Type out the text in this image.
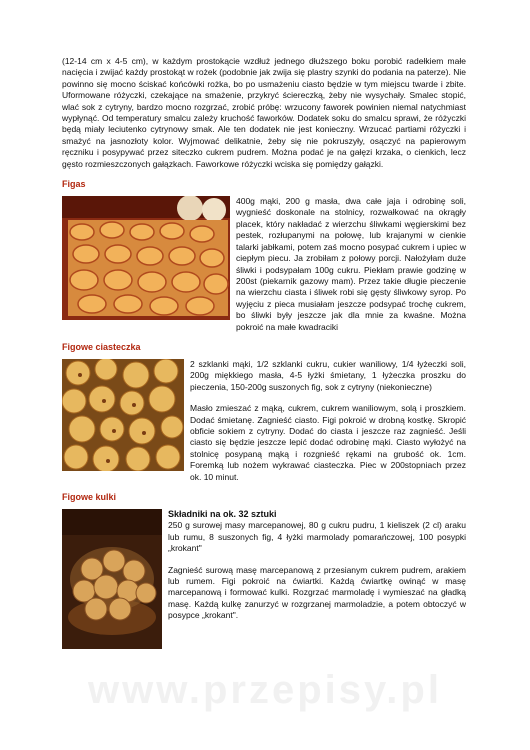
(12-14 cm x 4-5 cm), w każdym prostokącie wzdłuż jednego dłuższego boku porobić radełkiem małe nacięcia i zwijać każdy prostokąt w rożek (podobnie jak zwija się plastry szynki do podania na paterze). Nie powinno się mocno ściskać końcówki rożka, bo po usmażeniu ciasto będzie w tym miejscu twarde i zbite. Uformowane różyczki, czekające na smażenie, przykryć ściereczką, żeby nie wysychały. Smalec stopić, wlać sok z cytryny, bardzo mocno rozgrzać, zrobić próbę: wrzucony faworek powinien niemal natychmiast wypłynąć. Od temperatury smalcu zależy kruchość faworków. Dodatek soku do smalcu sprawi, że różyczki będą miały leciutenko cytrynowy smak. Ale ten dodatek nie jest konieczny. Wrzucać partiami różyczki i smażyć na jasnozłoty kolor. Wyjmować delikatnie, żeby się nie pokruszyły, osączyć na papierowym ręczniku i posypywać przez siteczko cukrem pudrem. Można podać je na gałęzi krzaka, o cienkich, lecz gęsto rozmieszczonych gałązkach. Faworkowe różyczki wciska się pomiędzy gałązki.

Figas

400g mąki, 200 g masła, dwa całe jaja i odrobinę soli, wygnieść doskonale na stolnicy, rozwałkować na okrągły placek, który nakładać z wierzchu śliwkami węgierskimi bez pestek, rozłupanymi na połowę, lub krajanymi w cienkie talarki jabłkami, potem zaś mocno posypać cukrem i upiec w ciepłym piecu. Ja zrobiłam z połowy porcji. Nałożyłam duże śliwki i podsypałam 100g cukru. Piekłam prawie godzinę w 200st (piekarnik gazowy mam). Przez takie długie pieczenie na wierzchu ciasta i śliwek robi się gęsty śliwkowy syrop. Po wyjęciu z pieca musiałam jeszcze podsypać trochę cukrem, bo śliwki były jeszcze jak dla mnie za kwaśne. Można pokroić na małe kwadraciki

Figowe ciasteczka

2 szklanki mąki, 1/2 szklanki cukru, cukier waniliowy, 1/4 łyżeczki soli, 200g miękkiego masła, 4-5 łyżki śmietany, 1 łyżeczka proszku do pieczenia, 150-200g suszonych fig, sok z cytryny (niekonieczne)

Masło zmieszać z mąką, cukrem, cukrem waniliowym, solą i proszkiem. Dodać śmietanę. Zagnieść ciasto. Figi pokroić w drobną kostkę. Skropić obficie sokiem z cytryny. Dodać do ciasta i jeszcze raz zagnieść. Jeśli ciasto się będzie jeszcze lepić dodać odrobinę mąki. Ciasto wyłożyć na stolnicę posypaną mąką i rozgnieść rękami na grubość ok. 1cm. Foremką lub nożem wykrawać ciasteczka. Piec w 200stopniach przez ok. 10 minut.

Figowe kulki

Składniki na ok. 32 sztuki

250 g surowej masy marcepanowej, 80 g cukru pudru, 1 kieliszek (2 cl) araku lub rumu, 8 suszonych fig, 4 łyżki marmolady pomarańczowej, 100 posypki „krokant"

Zagnieść surową masę marcepanową z przesianym cukrem pudrem, arakiem lub rumem. Figi pokroić na ćwiartki. Każdą ćwiartkę owinąć w masę marcepanową i formować kulki. Rozgrzać marmoladę i wymieszać na gładką masę. Każdą kulkę zanurzyć w rozgrzanej marmoladzie, a potem obtoczyć w posypce „krokant".

www.przepisy.pl
